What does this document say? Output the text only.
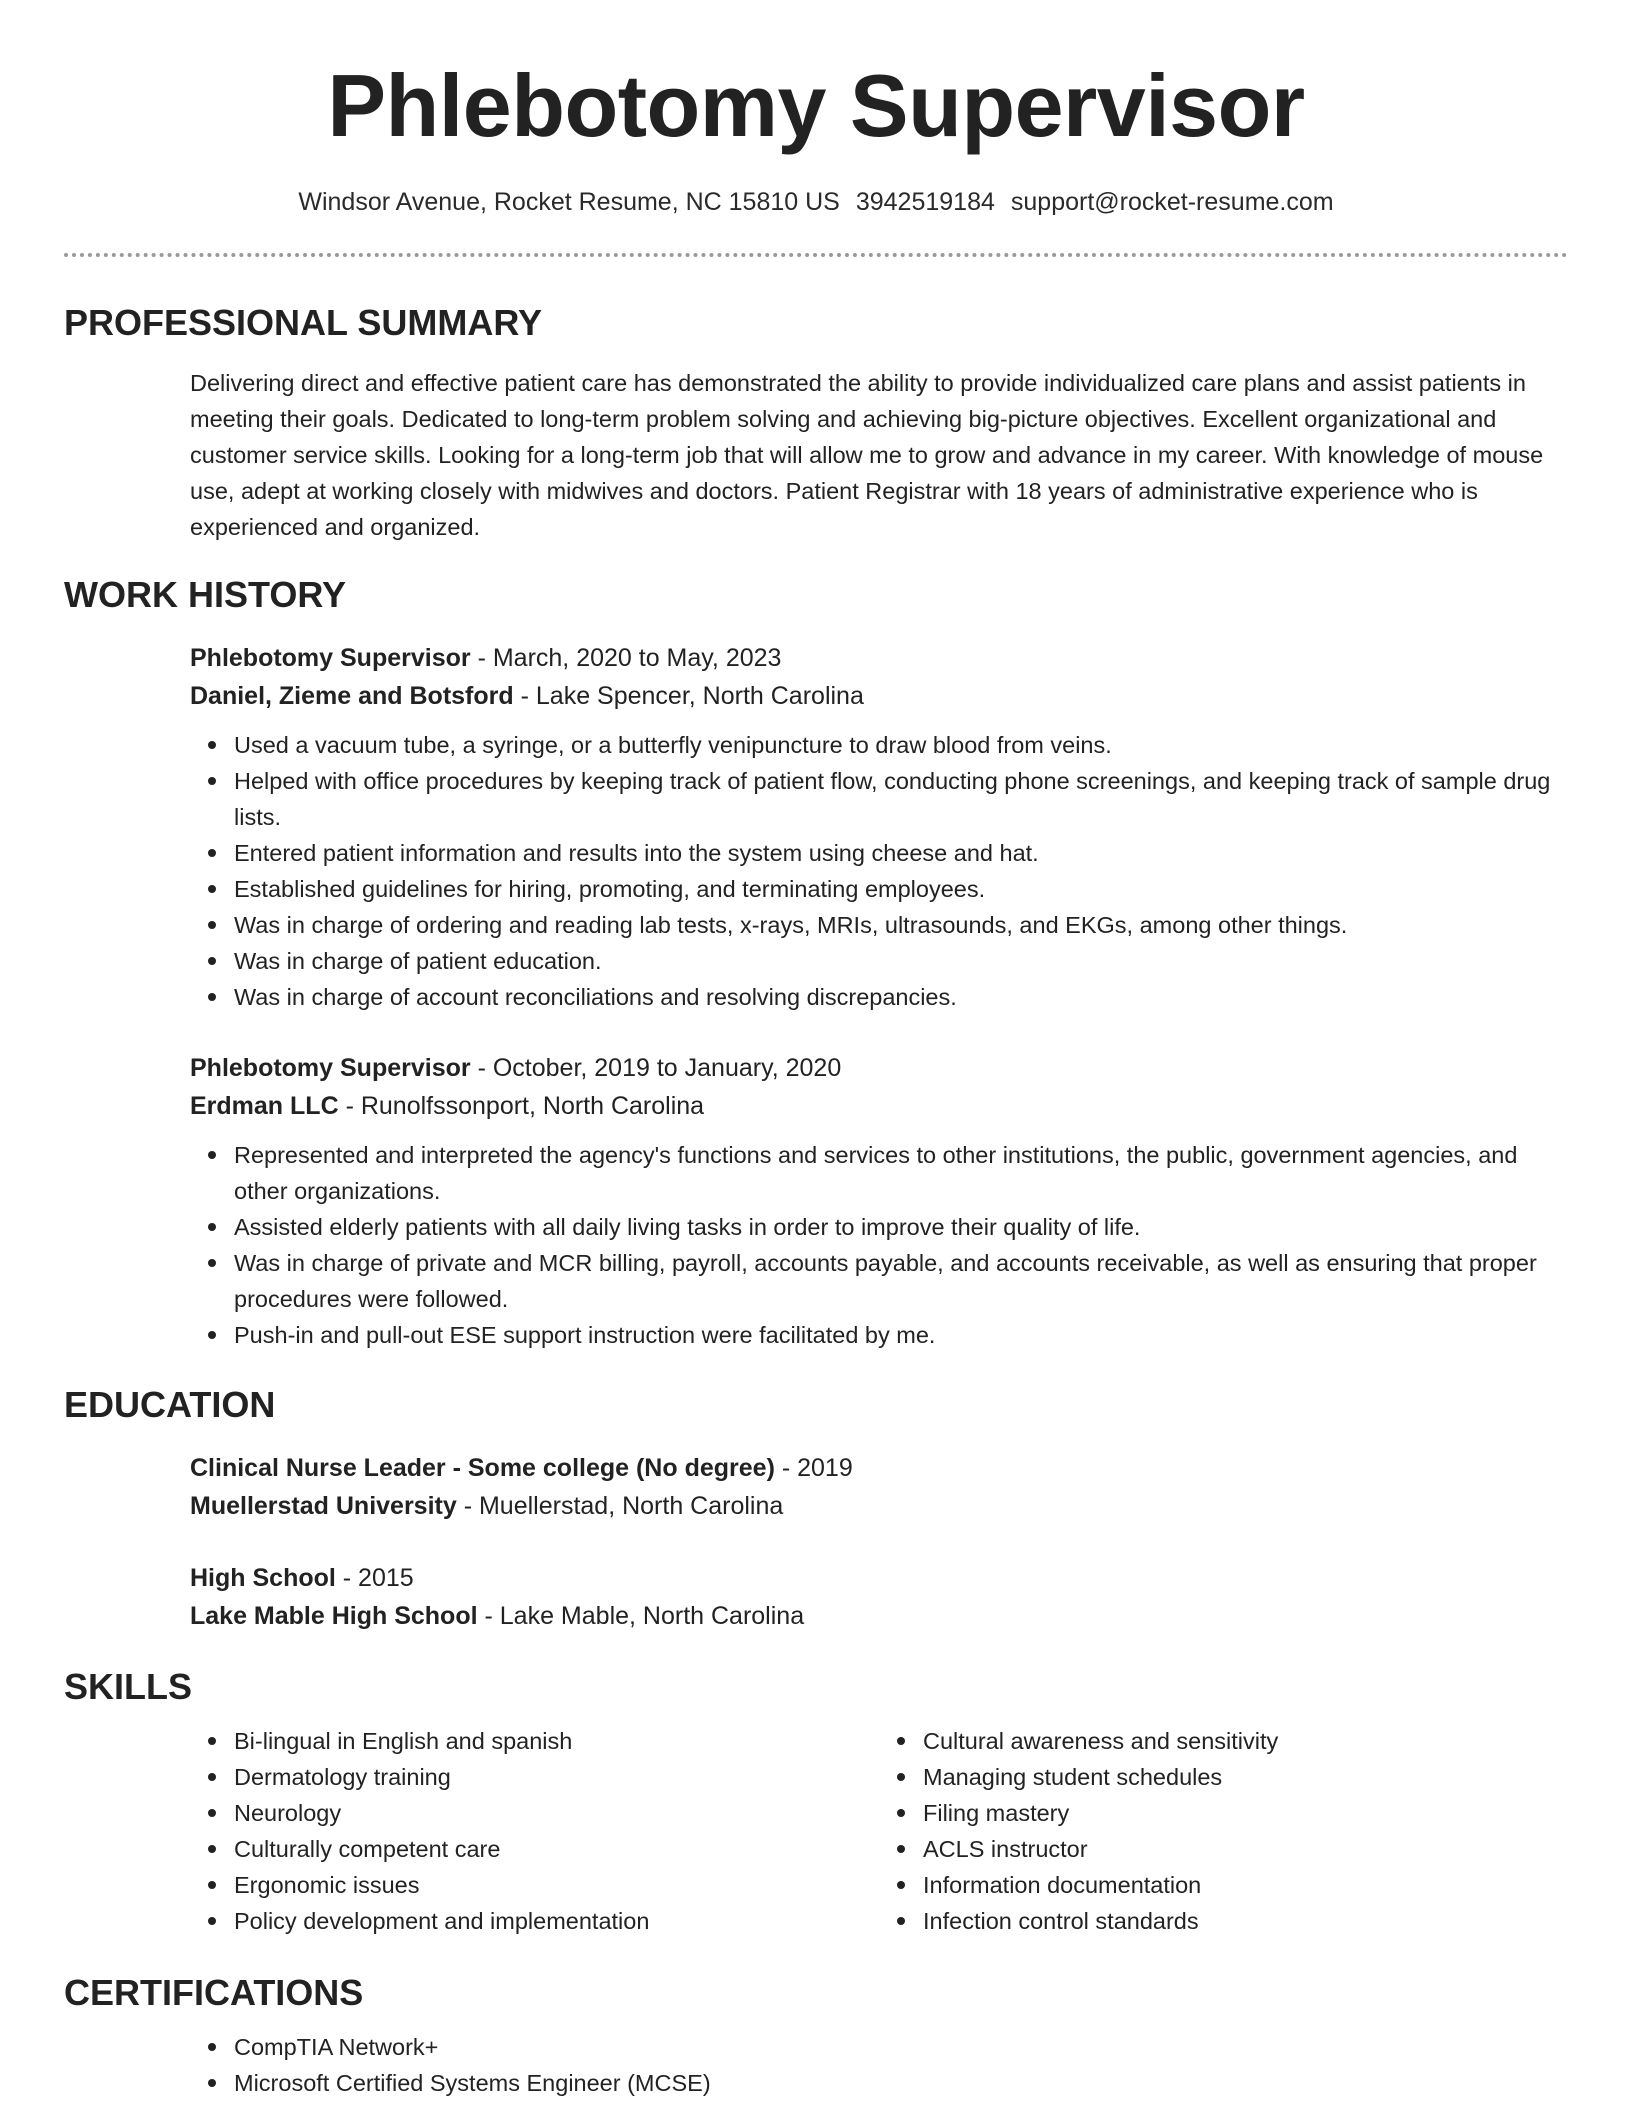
Phlebotomy Supervisor
Windsor Avenue, Rocket Resume, NC 15810 US 3942519184 support@rocket-resume.com
PROFESSIONAL SUMMARY

Delivering direct and effective patient care has demonstrated the ability to provide individualized care plans and assist patients in meeting their goals. Dedicated to long-term problem solving and achieving big-picture objectives. Excellent organizational and customer service skills. Looking for a long-term job that will allow me to grow and advance in my career. With knowledge of mouse use, adept at working closely with midwives and doctors. Patient Registrar with 18 years of administrative experience who is experienced and organized.

WORK HISTORY
Phlebotomy Supervisor - March, 2020 to May, 2023
Daniel, Zieme and Botsford - Lake Spencer, North Carolina
Used a vacuum tube, a syringe, or a butterfly venipuncture to draw blood from veins.
Helped with office procedures by keeping track of patient flow, conducting phone screenings, and keeping track of sample drug lists.
Entered patient information and results into the system using cheese and hat.
Established guidelines for hiring, promoting, and terminating employees.
Was in charge of ordering and reading lab tests, x-rays, MRIs, ultrasounds, and EKGs, among other things.
Was in charge of patient education.
Was in charge of account reconciliations and resolving discrepancies.
Phlebotomy Supervisor - October, 2019 to January, 2020
Erdman LLC - Runolfssonport, North Carolina
Represented and interpreted the agency's functions and services to other institutions, the public, government agencies, and other organizations.
Assisted elderly patients with all daily living tasks in order to improve their quality of life.
Was in charge of private and MCR billing, payroll, accounts payable, and accounts receivable, as well as ensuring that proper procedures were followed.
Push-in and pull-out ESE support instruction were facilitated by me.
EDUCATION
Clinical Nurse Leader - Some college (No degree) - 2019
Muellerstad University - Muellerstad, North Carolina
High School - 2015
Lake Mable High School - Lake Mable, North Carolina
SKILLS
Bi-lingual in English and spanish
Dermatology training
Neurology
Culturally competent care
Ergonomic issues
Policy development and implementation
Cultural awareness and sensitivity
Managing student schedules
Filing mastery
ACLS instructor
Information documentation
Infection control standards
CERTIFICATIONS
CompTIA Network+
Microsoft Certified Systems Engineer (MCSE)
